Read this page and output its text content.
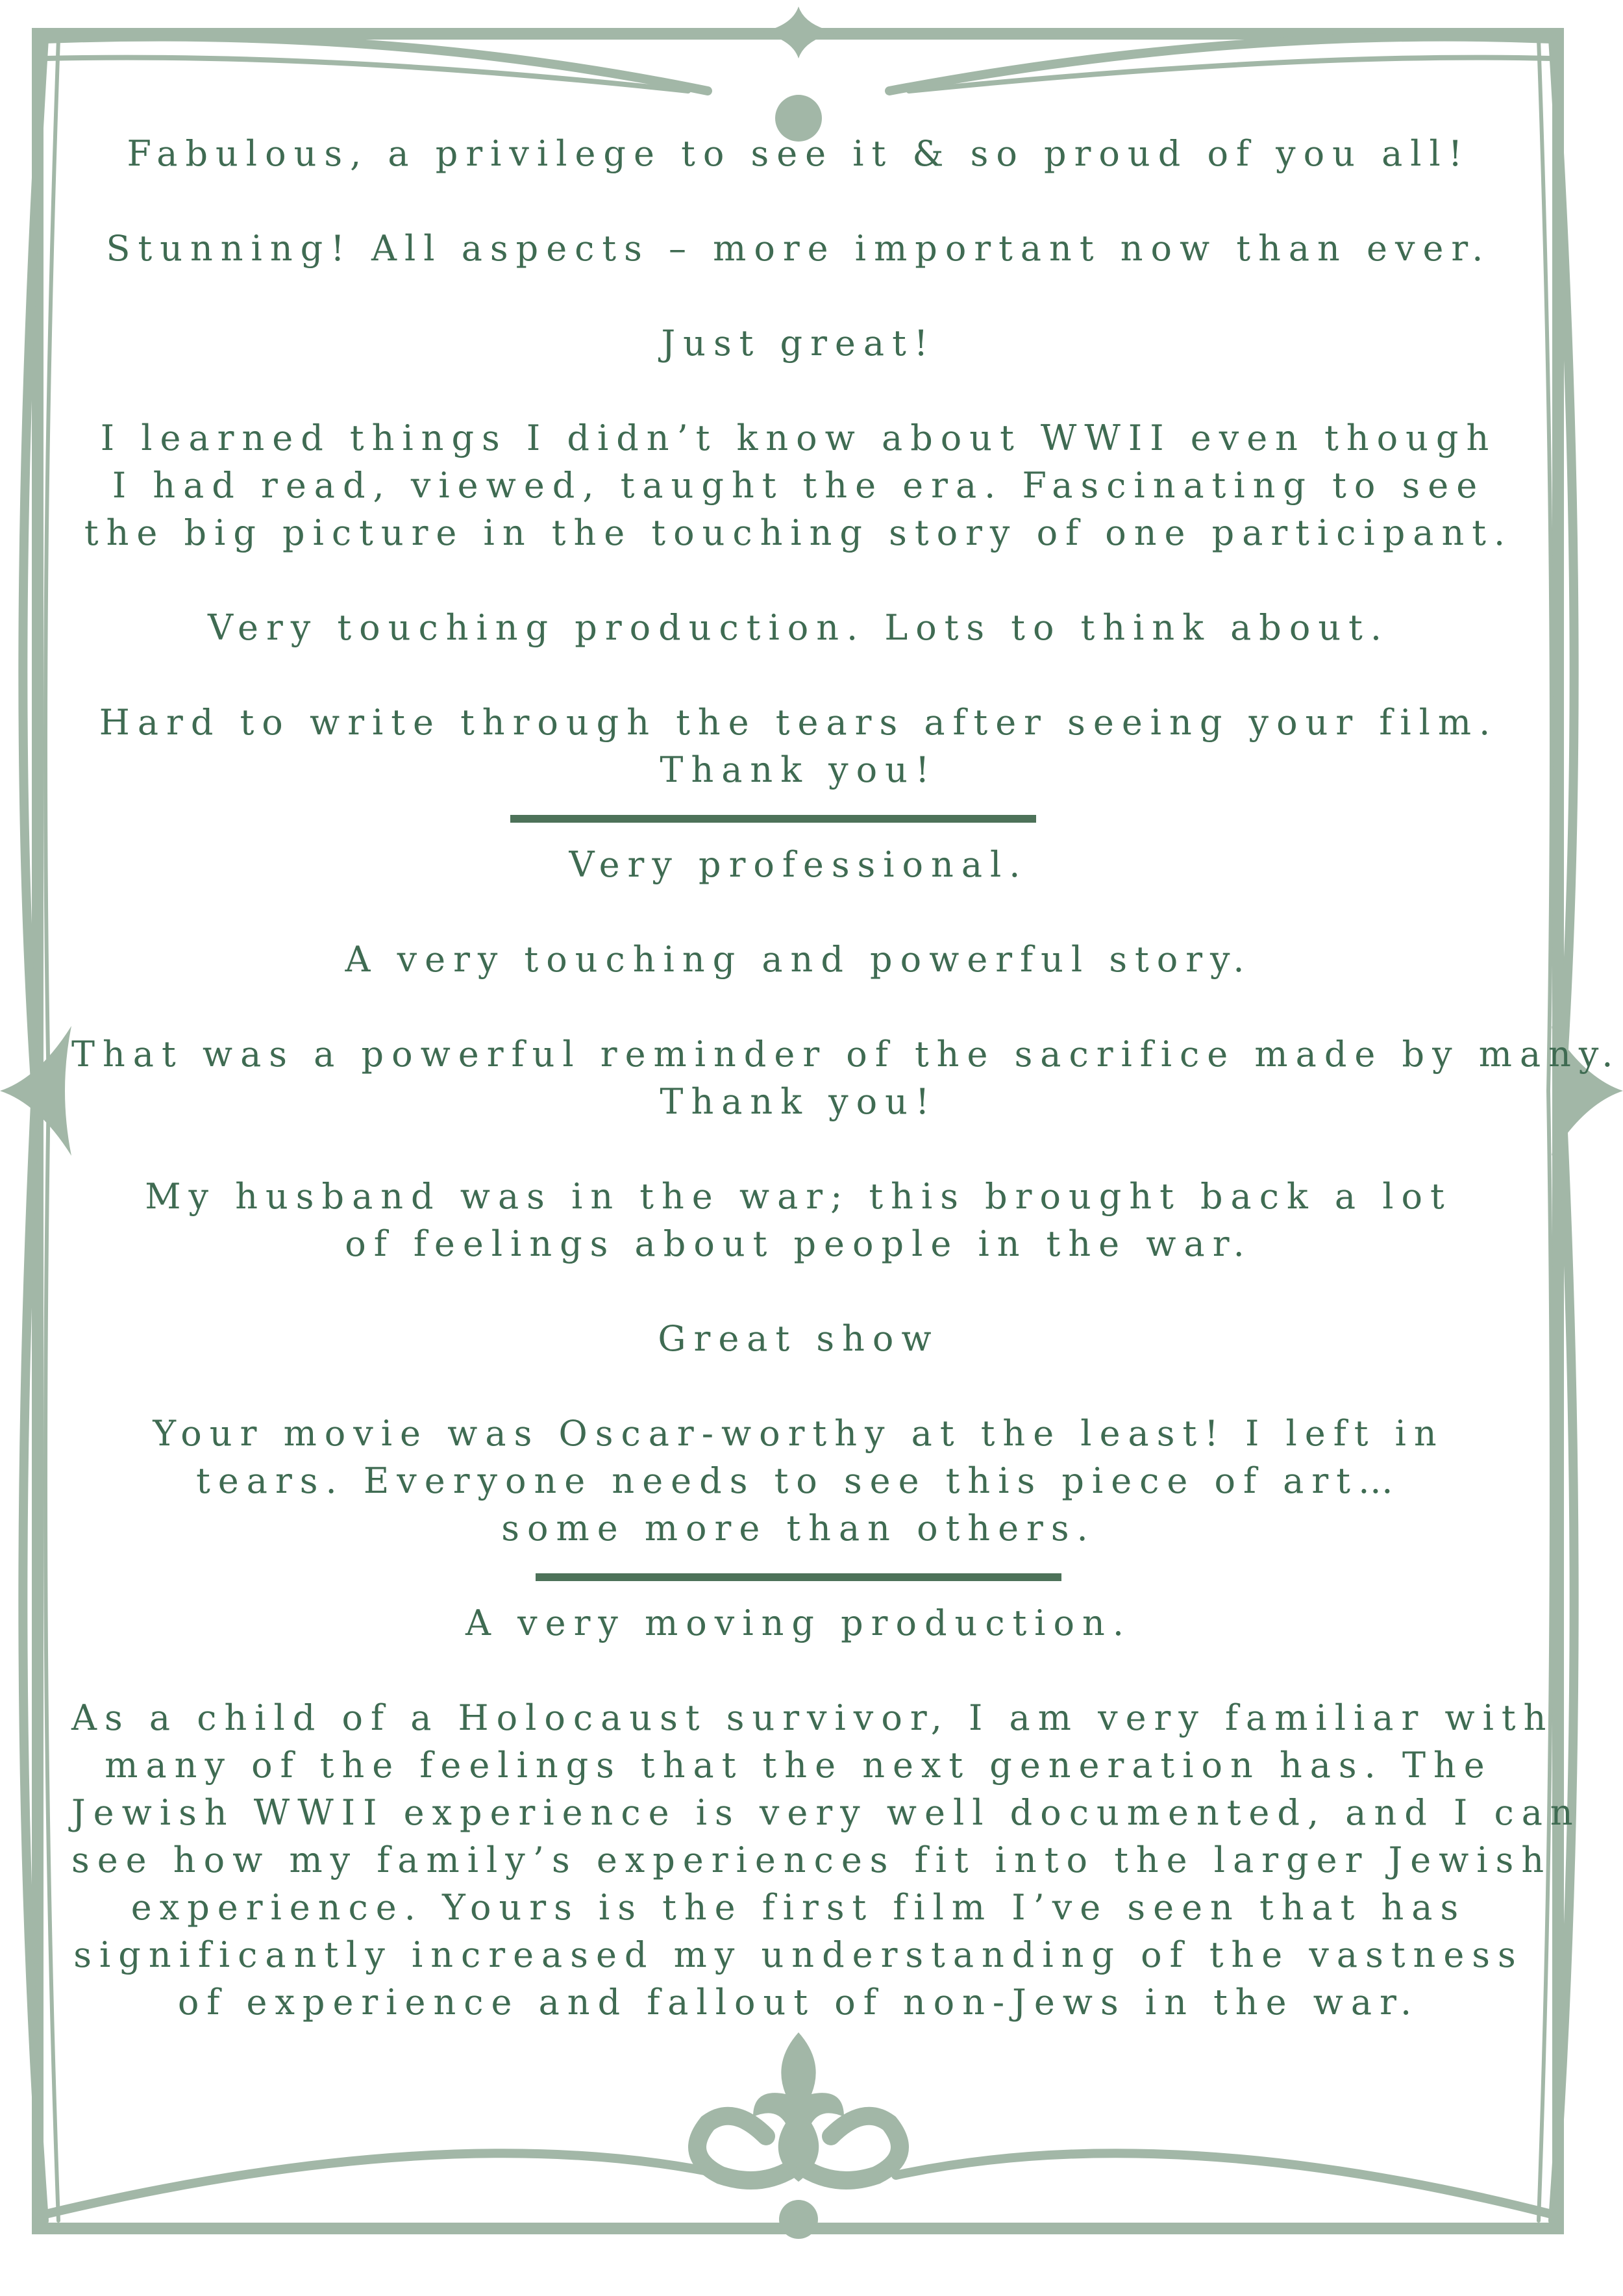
Fabulous, a privilege to see it & so proud of you all!
Stunning! All aspects – more important now than ever.
Just great!
I learned things I didn’t know about WWII even though
I had read, viewed, taught the era. Fascinating to see
the big picture in the touching story of one participant.
Very touching production. Lots to think about.
Hard to write through the tears after seeing your film.
Thank you!
Very professional.
A very touching and powerful story.
That was a powerful reminder of the sacrifice made by many.
Thank you!
My husband was in the war; this brought back a lot
of feelings about people in the war.
Great show
Your movie was Oscar-worthy at the least! I left in
tears. Everyone needs to see this piece of art…
some more than others.
A very moving production.
As a child of a Holocaust survivor, I am very familiar with
many of the feelings that the next generation has. The
Jewish WWII experience is very well documented, and I can
see how my family’s experiences fit into the larger Jewish
experience. Yours is the first film I’ve seen that has
significantly increased my understanding of the vastness
of experience and fallout of non-Jews in the war.
